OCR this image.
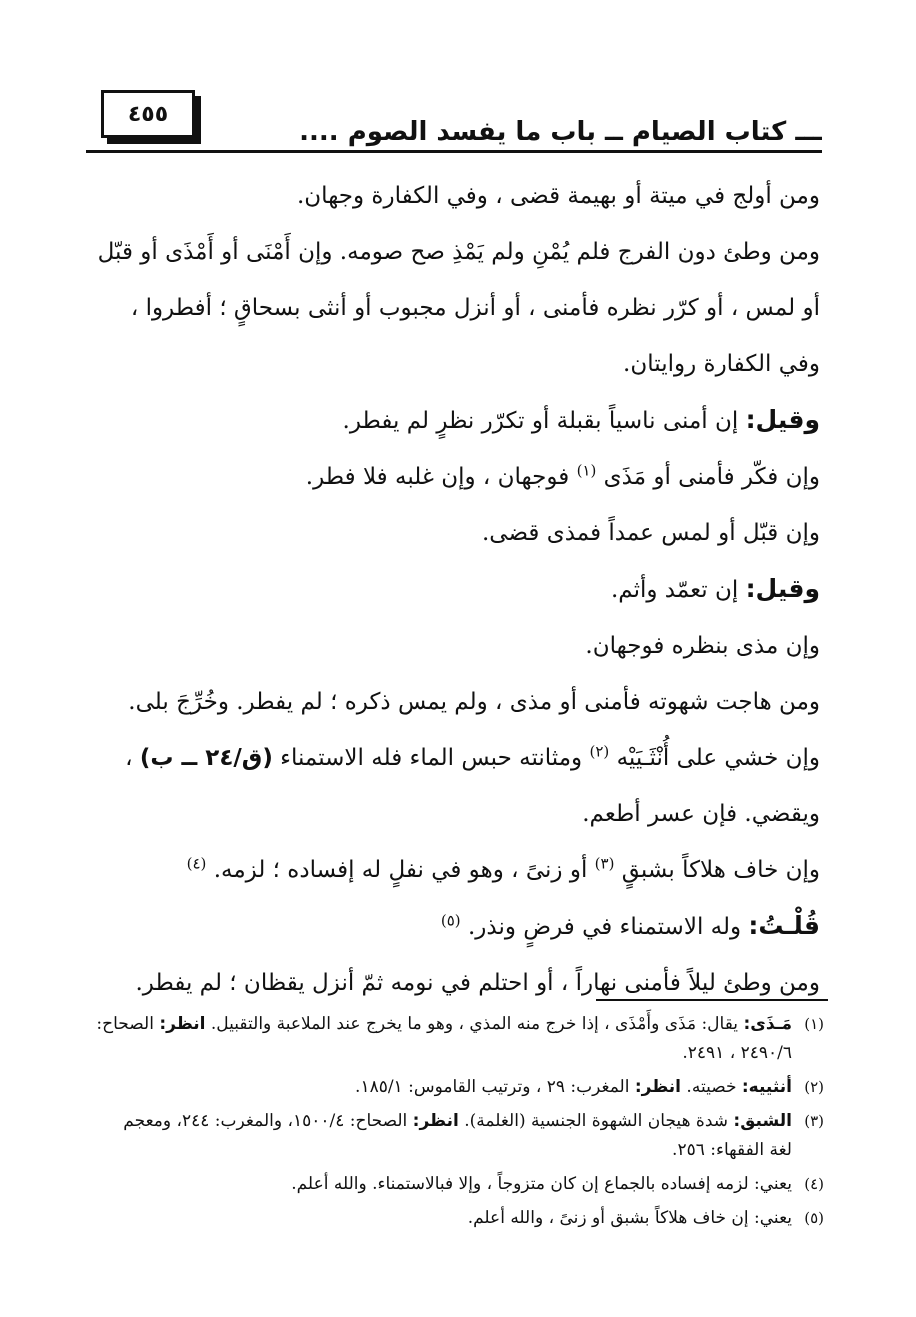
٤٥٥
ـــ كتاب الصيام ــ باب ما يفسد الصوم ....

ومن أولج في ميتة أو بهيمة قضى ، وفي الكفارة وجهان.

ومن وطئ دون الفرج فلم يُمْنِ ولم يَمْذِ صح صومه. وإن أَمْنَى أو أَمْذَى أو قبّل أو لمس ، أو كرّر نظره فأمنى ، أو أنزل مجبوب أو أنثى بسحاقٍ ؛ أفطروا ، وفي الكفارة روايتان.

وقيل: إن أمنى ناسياً بقبلة أو تكرّر نظرٍ لم يفطر.

وإن فكّر فأمنى أو مَذَى $^{(١)}$ فوجهان ، وإن غلبه فلا فطر.

وإن قبّل أو لمس عمداً فمذى قضى.

وقيل: إن تعمّد وأثم.

وإن مذى بنظره فوجهان.

ومن هاجت شهوته فأمنى أو مذى ، ولم يمس ذكره ؛ لم يفطر. وخُرِّجَ بلى.

وإن خشي على أُنْثَـيَيْه $^{(٢)}$ ومثانته حبس الماء فله الاستمناء (ق/٢٤ ــ ب) ، ويقضي. فإن عسر أطعم.

وإن خاف هلاكاً بشبقٍ $^{(٣)}$ أو زنىً ، وهو في نفلٍ له إفساده ؛ لزمه. $^{(٤)}$

قُلْـتُ: وله الاستمناء في فرضٍ ونذر. $^{(٥)}$

ومن وطئ ليلاً فأمنى نهاراً ، أو احتلم في نومه ثمّ أنزل يقظان ؛ لم يفطر.

(١)
مَـذَى: يقال: مَذَى وأَمْذَى ، إذا خرج منه المذي ، وهو ما يخرج عند الملاعبة والتقبيل. انظر: الصحاح: ٢٤٩٠/٦ ، ٢٤٩١.

(٢)
أنثييه: خصيته. انظر: المغرب: ٢٩ ، وترتيب القاموس: ١٨٥/١.

(٣)
الشبق: شدة هيجان الشهوة الجنسية (الغلمة). انظر: الصحاح: ١٥٠٠/٤، والمغرب: ٢٤٤، ومعجم لغة الفقهاء: ٢٥٦.

(٤)
يعني: لزمه إفساده بالجماع إن كان متزوجاً ، وإلا فبالاستمناء. والله أعلم.

(٥)
يعني: إن خاف هلاكاً بشبق أو زنىً ، والله أعلم.
